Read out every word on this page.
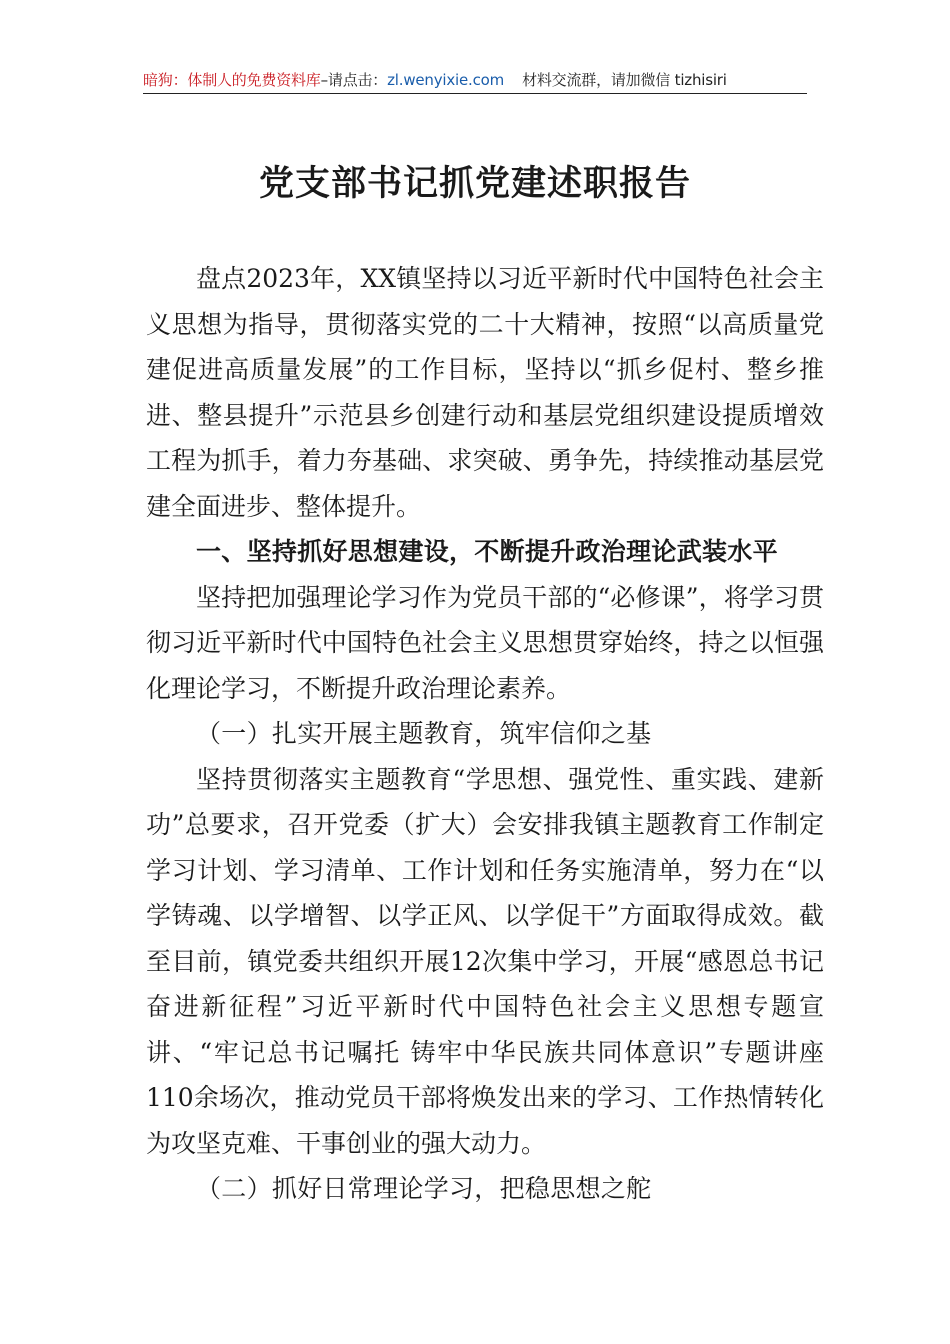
暗狗：体制人的免费资料库–请点击：zl.wenyixie.com 材料交流群，请加微信 tizhisiri
党支部书记抓党建述职报告

盘点2023年，XX镇坚持以习近平新时代中国特色社会主义思想为指导，贯彻落实党的二十大精神，按照“以高质量党建促进高质量发展”的工作目标，坚持以“抓乡促村、整乡推进、整县提升”示范县乡创建行动和基层党组织建设提质增效工程为抓手，着力夯基础、求突破、勇争先，持续推动基层党建全面进步、整体提升。

一、坚持抓好思想建设，不断提升政治理论武装水平

坚持把加强理论学习作为党员干部的“必修课”，将学习贯彻习近平新时代中国特色社会主义思想贯穿始终，持之以恒强化理论学习，不断提升政治理论素养。

（一）扎实开展主题教育，筑牢信仰之基

坚持贯彻落实主题教育“学思想、强党性、重实践、建新功”总要求，召开党委（扩大）会安排我镇主题教育工作制定学习计划、学习清单、工作计划和任务实施清单，努力在“以学铸魂、以学增智、以学正风、以学促干”方面取得成效。截至目前，镇党委共组织开展12次集中学习，开展“感恩总书记奋进新征程”习近平新时代中国特色社会主义思想专题宣讲、“牢记总书记嘱托 铸牢中华民族共同体意识”专题讲座110余场次，推动党员干部将焕发出来的学习、工作热情转化为攻坚克难、干事创业的强大动力。

（二）抓好日常理论学习，把稳思想之舵
